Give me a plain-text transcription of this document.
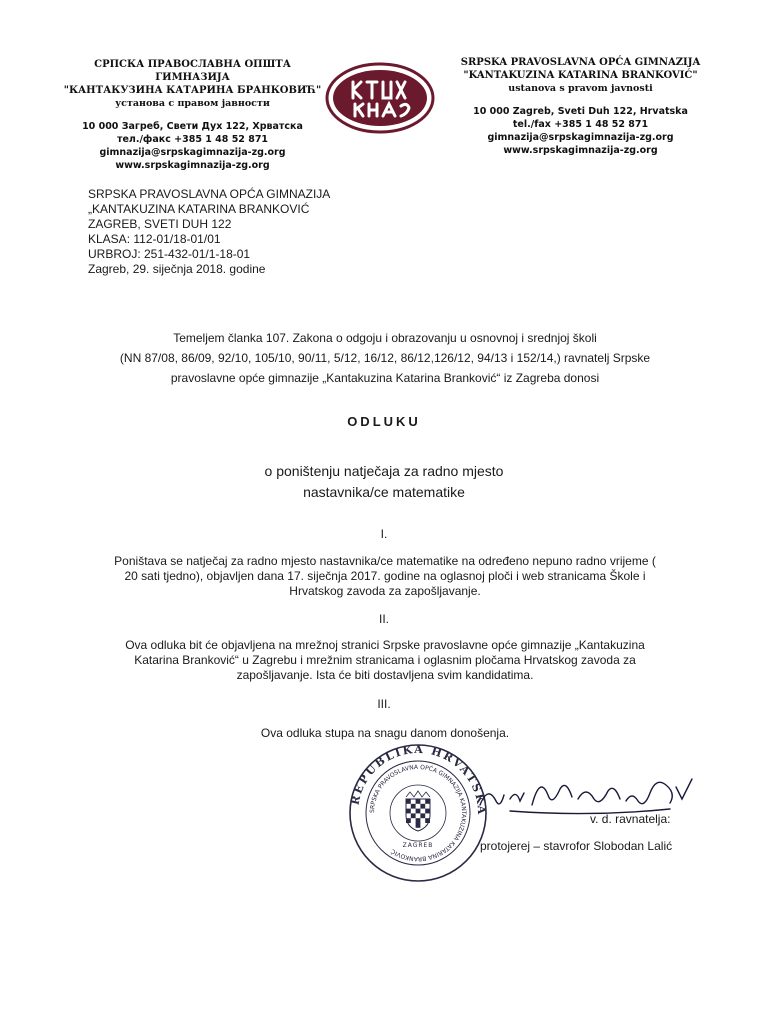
СРПСКА ПРАВОСЛАВНА ОПШТА ГИМНАЗИЈА
"КАНТАКУЗИНА КАТАРИНА БРАНКОВИЋ"
установа с правом јавности
10 000 Загреб, Свети Дух 122, Хрватска
тел./факс +385 1 48 52 871
gimnazija@srpskagimnazija-zg.org
www.srpskagimnazija-zg.org
SRPSKA PRAVOSLAVNA OPĆA GIMNAZIJA
"KANTAKUZINA KATARINA BRANKOVIĆ"
ustanova s pravom javnosti
10 000 Zagreb, Sveti Duh 122, Hrvatska
tel./fax +385 1 48 52 871
gimnazija@srpskagimnazija-zg.org
www.srpskagimnazija-zg.org
SRPSKA PRAVOSLAVNA OPĆA GIMNAZIJA
„KANTAKUZINA KATARINA BRANKOVIĆ
ZAGREB, SVETI DUH 122
KLASA: 112-01/18-01/01
URBROJ: 251-432-01/1-18-01
Zagreb, 29. siječnja 2018. godine
Temeljem članka 107. Zakona o odgoju i obrazovanju u osnovnoj i srednjoj školi
(NN 87/08, 86/09, 92/10, 105/10, 90/11, 5/12, 16/12, 86/12,126/12, 94/13 i 152/14,) ravnatelj Srpske
pravoslavne opće gimnazije „Kantakuzina Katarina Branković“ iz Zagreba donosi
ODLUKU
o poništenju natječaja za radno mjesto
nastavnika/ce matematike
I.
Poništava se natječaj za radno mjesto nastavnika/ce matematike na određeno nepuno radno vrijeme (
20 sati tjedno), objavljen dana 17. siječnja 2017. godine na oglasnoj ploči i web stranicama Škole i
Hrvatskog zavoda za zapošljavanje.
II.
Ova odluka bit će objavljena na mrežnoj stranici Srpske pravoslavne opće gimnazije „Kantakuzina
Katarina Branković“ u Zagrebu i mrežnim stranicama i oglasnim pločama Hrvatskog zavoda za
zapošljavanje. Ista će biti dostavljena svim kandidatima.
III.
Ova odluka stupa na snagu danom donošenja.
REPUBLIKA HRVATSKA
SRPSKA PRAVOSLAVNA OPĆA GIMNAZIJA KANTAKUZINA KATARINA BRANKOVIĆ
ZAGREB
v. d. ravnatelja:
protojerej – stavrofor Slobodan Lalić
